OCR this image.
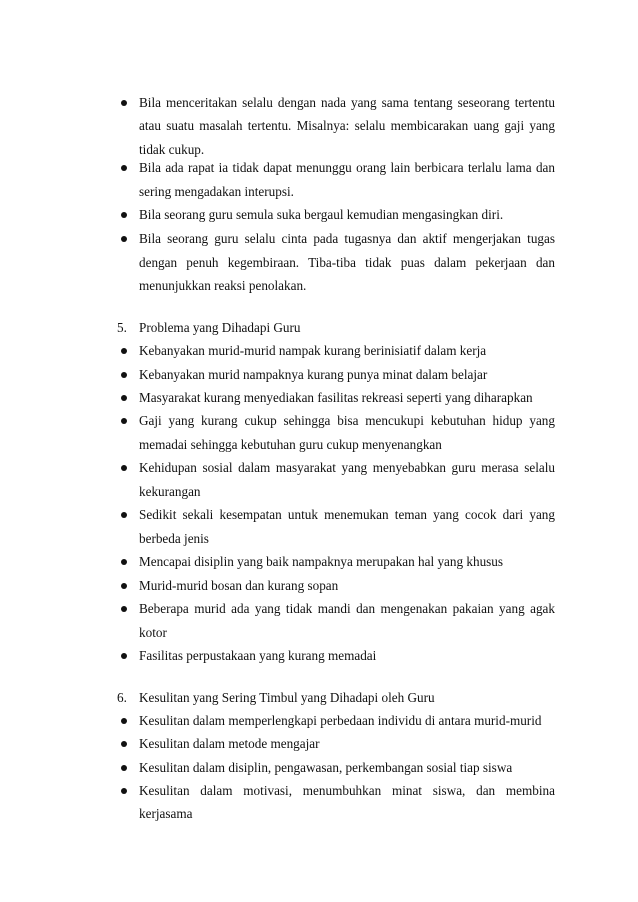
Bila menceritakan selalu dengan nada yang sama tentang seseorang tertentu
atau suatu masalah tertentu. Misalnya: selalu membicarakan uang gaji yang
tidak cukup.
Bila ada rapat ia tidak dapat menunggu orang lain berbicara terlalu lama dan
sering mengadakan interupsi.
Bila seorang guru semula suka bergaul kemudian mengasingkan diri.
Bila seorang guru selalu cinta pada tugasnya dan aktif mengerjakan tugas
dengan penuh kegembiraan. Tiba-tiba tidak puas dalam pekerjaan dan
menunjukkan reaksi penolakan.
5. Problema yang Dihadapi Guru
Kebanyakan murid-murid nampak kurang berinisiatif dalam kerja
Kebanyakan murid nampaknya kurang punya minat dalam belajar
Masyarakat kurang menyediakan fasilitas rekreasi seperti yang diharapkan
Gaji yang kurang cukup sehingga bisa mencukupi kebutuhan hidup yang
memadai sehingga kebutuhan guru cukup menyenangkan
Kehidupan sosial dalam masyarakat yang menyebabkan guru merasa selalu
kekurangan
Sedikit sekali kesempatan untuk menemukan teman yang cocok dari yang
berbeda jenis
Mencapai disiplin yang baik nampaknya merupakan hal yang khusus
Murid-murid bosan dan kurang sopan
Beberapa murid ada yang tidak mandi dan mengenakan pakaian yang agak
kotor
Fasilitas perpustakaan yang kurang memadai
6. Kesulitan yang Sering Timbul yang Dihadapi oleh Guru
Kesulitan dalam memperlengkapi perbedaan individu di antara murid-murid
Kesulitan dalam metode mengajar
Kesulitan dalam disiplin, pengawasan, perkembangan sosial tiap siswa
Kesulitan dalam motivasi, menumbuhkan minat siswa, dan membina
kerjasama
